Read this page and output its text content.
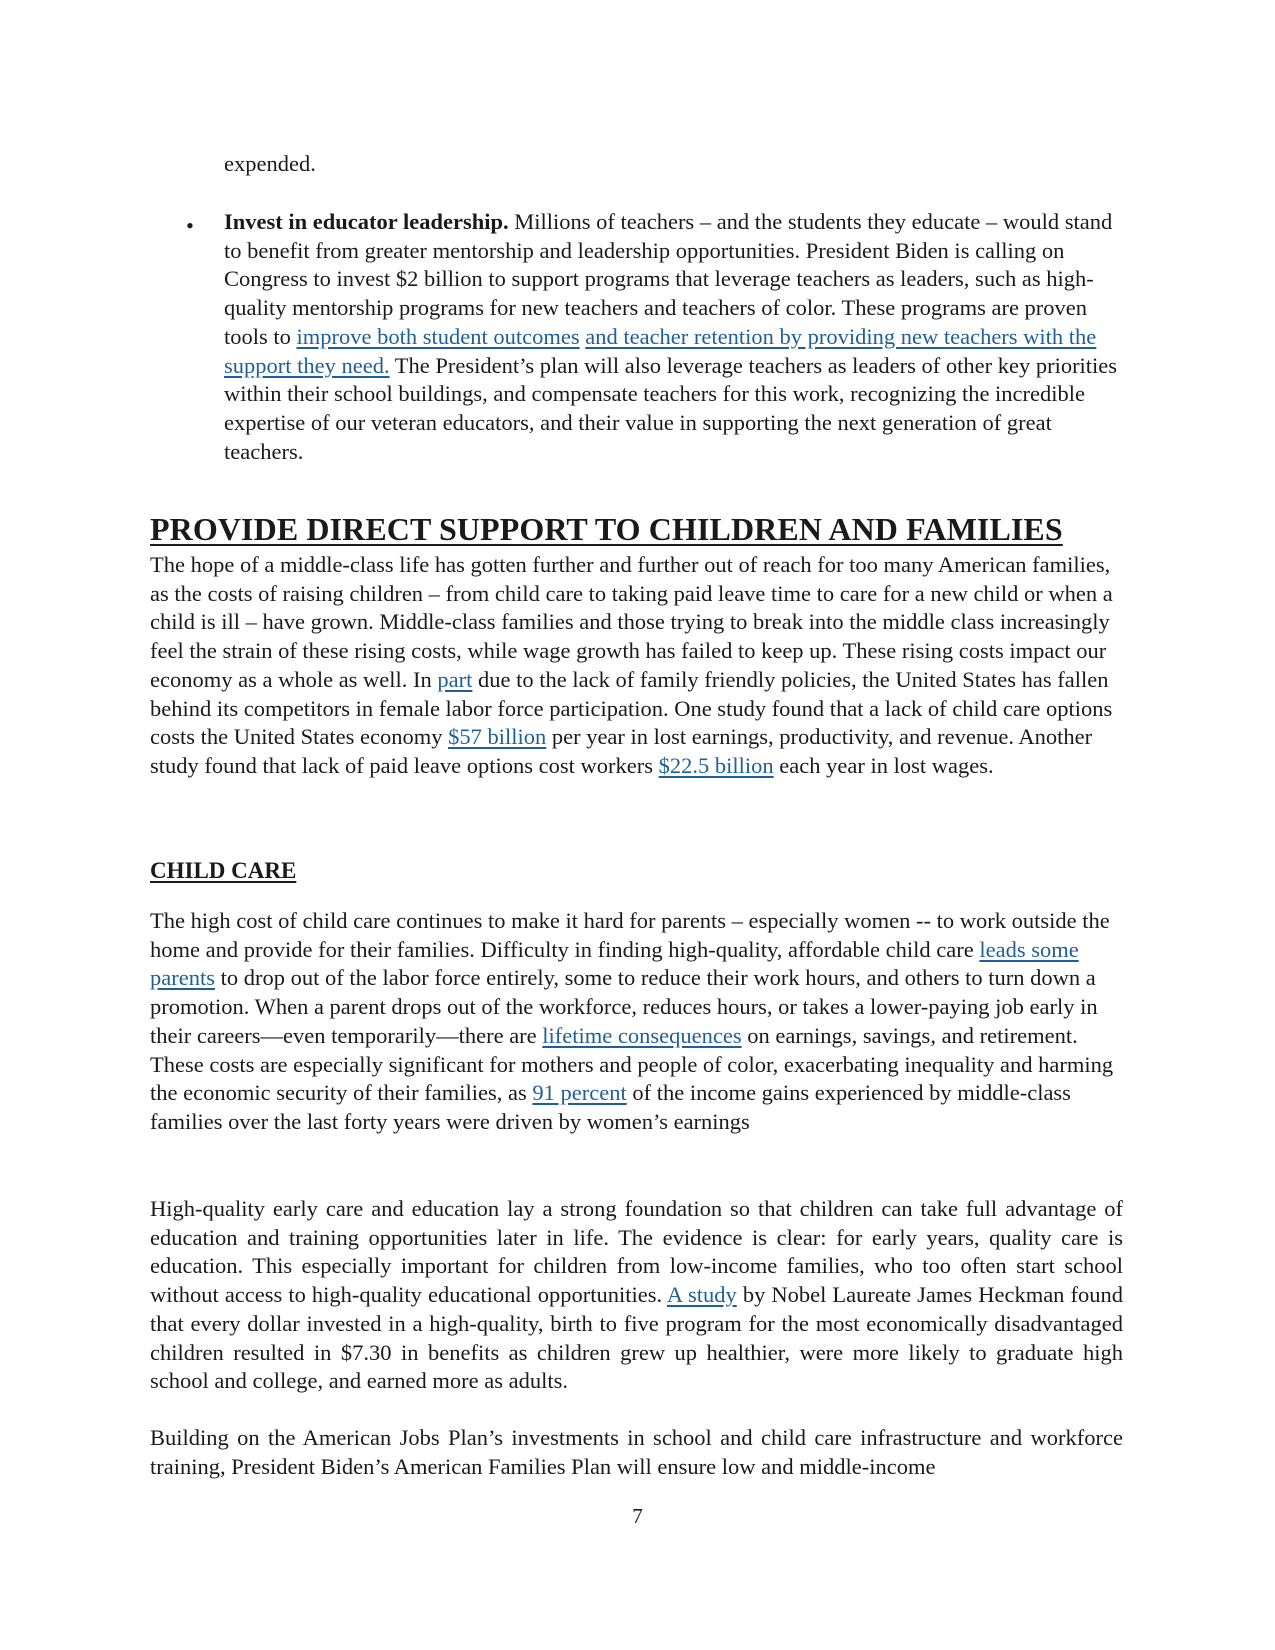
expended.

•	Invest in educator leadership. Millions of teachers – and the students they educate – would stand to benefit from greater mentorship and leadership opportunities. President Biden is calling on Congress to invest $2 billion to support programs that leverage teachers as leaders, such as high-quality mentorship programs for new teachers and teachers of color. These programs are proven tools to improve both student outcomes and teacher retention by providing new teachers with the support they need. The President’s plan will also leverage teachers as leaders of other key priorities within their school buildings, and compensate teachers for this work, recognizing the incredible expertise of our veteran educators, and their value in supporting the next generation of great teachers.

PROVIDE DIRECT SUPPORT TO CHILDREN AND FAMILIES

The hope of a middle-class life has gotten further and further out of reach for too many American families, as the costs of raising children – from child care to taking paid leave time to care for a new child or when a child is ill – have grown. Middle-class families and those trying to break into the middle class increasingly feel the strain of these rising costs, while wage growth has failed to keep up. These rising costs impact our economy as a whole as well. In part due to the lack of family friendly policies, the United States has fallen behind its competitors in female labor force participation. One study found that a lack of child care options costs the United States economy $57 billion per year in lost earnings, productivity, and revenue. Another study found that lack of paid leave options cost workers $22.5 billion each year in lost wages.

CHILD CARE

The high cost of child care continues to make it hard for parents – especially women -- to work outside the home and provide for their families. Difficulty in finding high-quality, affordable child care leads some parents to drop out of the labor force entirely, some to reduce their work hours, and others to turn down a promotion. When a parent drops out of the workforce, reduces hours, or takes a lower-paying job early in their careers—even temporarily—there are lifetime consequences on earnings, savings, and retirement. These costs are especially significant for mothers and people of color, exacerbating inequality and harming the economic security of their families, as 91 percent of the income gains experienced by middle-class families over the last forty years were driven by women’s earnings

High-quality early care and education lay a strong foundation so that children can take full advantage of education and training opportunities later in life. The evidence is clear: for early years, quality care is education. This especially important for children from low-income families, who too often start school without access to high-quality educational opportunities. A study by Nobel Laureate James Heckman found that every dollar invested in a high-quality, birth to five program for the most economically disadvantaged children resulted in $7.30 in benefits as children grew up healthier, were more likely to graduate high school and college, and earned more as adults.

Building on the American Jobs Plan’s investments in school and child care infrastructure and workforce training, President Biden’s American Families Plan will ensure low and middle-income

7
